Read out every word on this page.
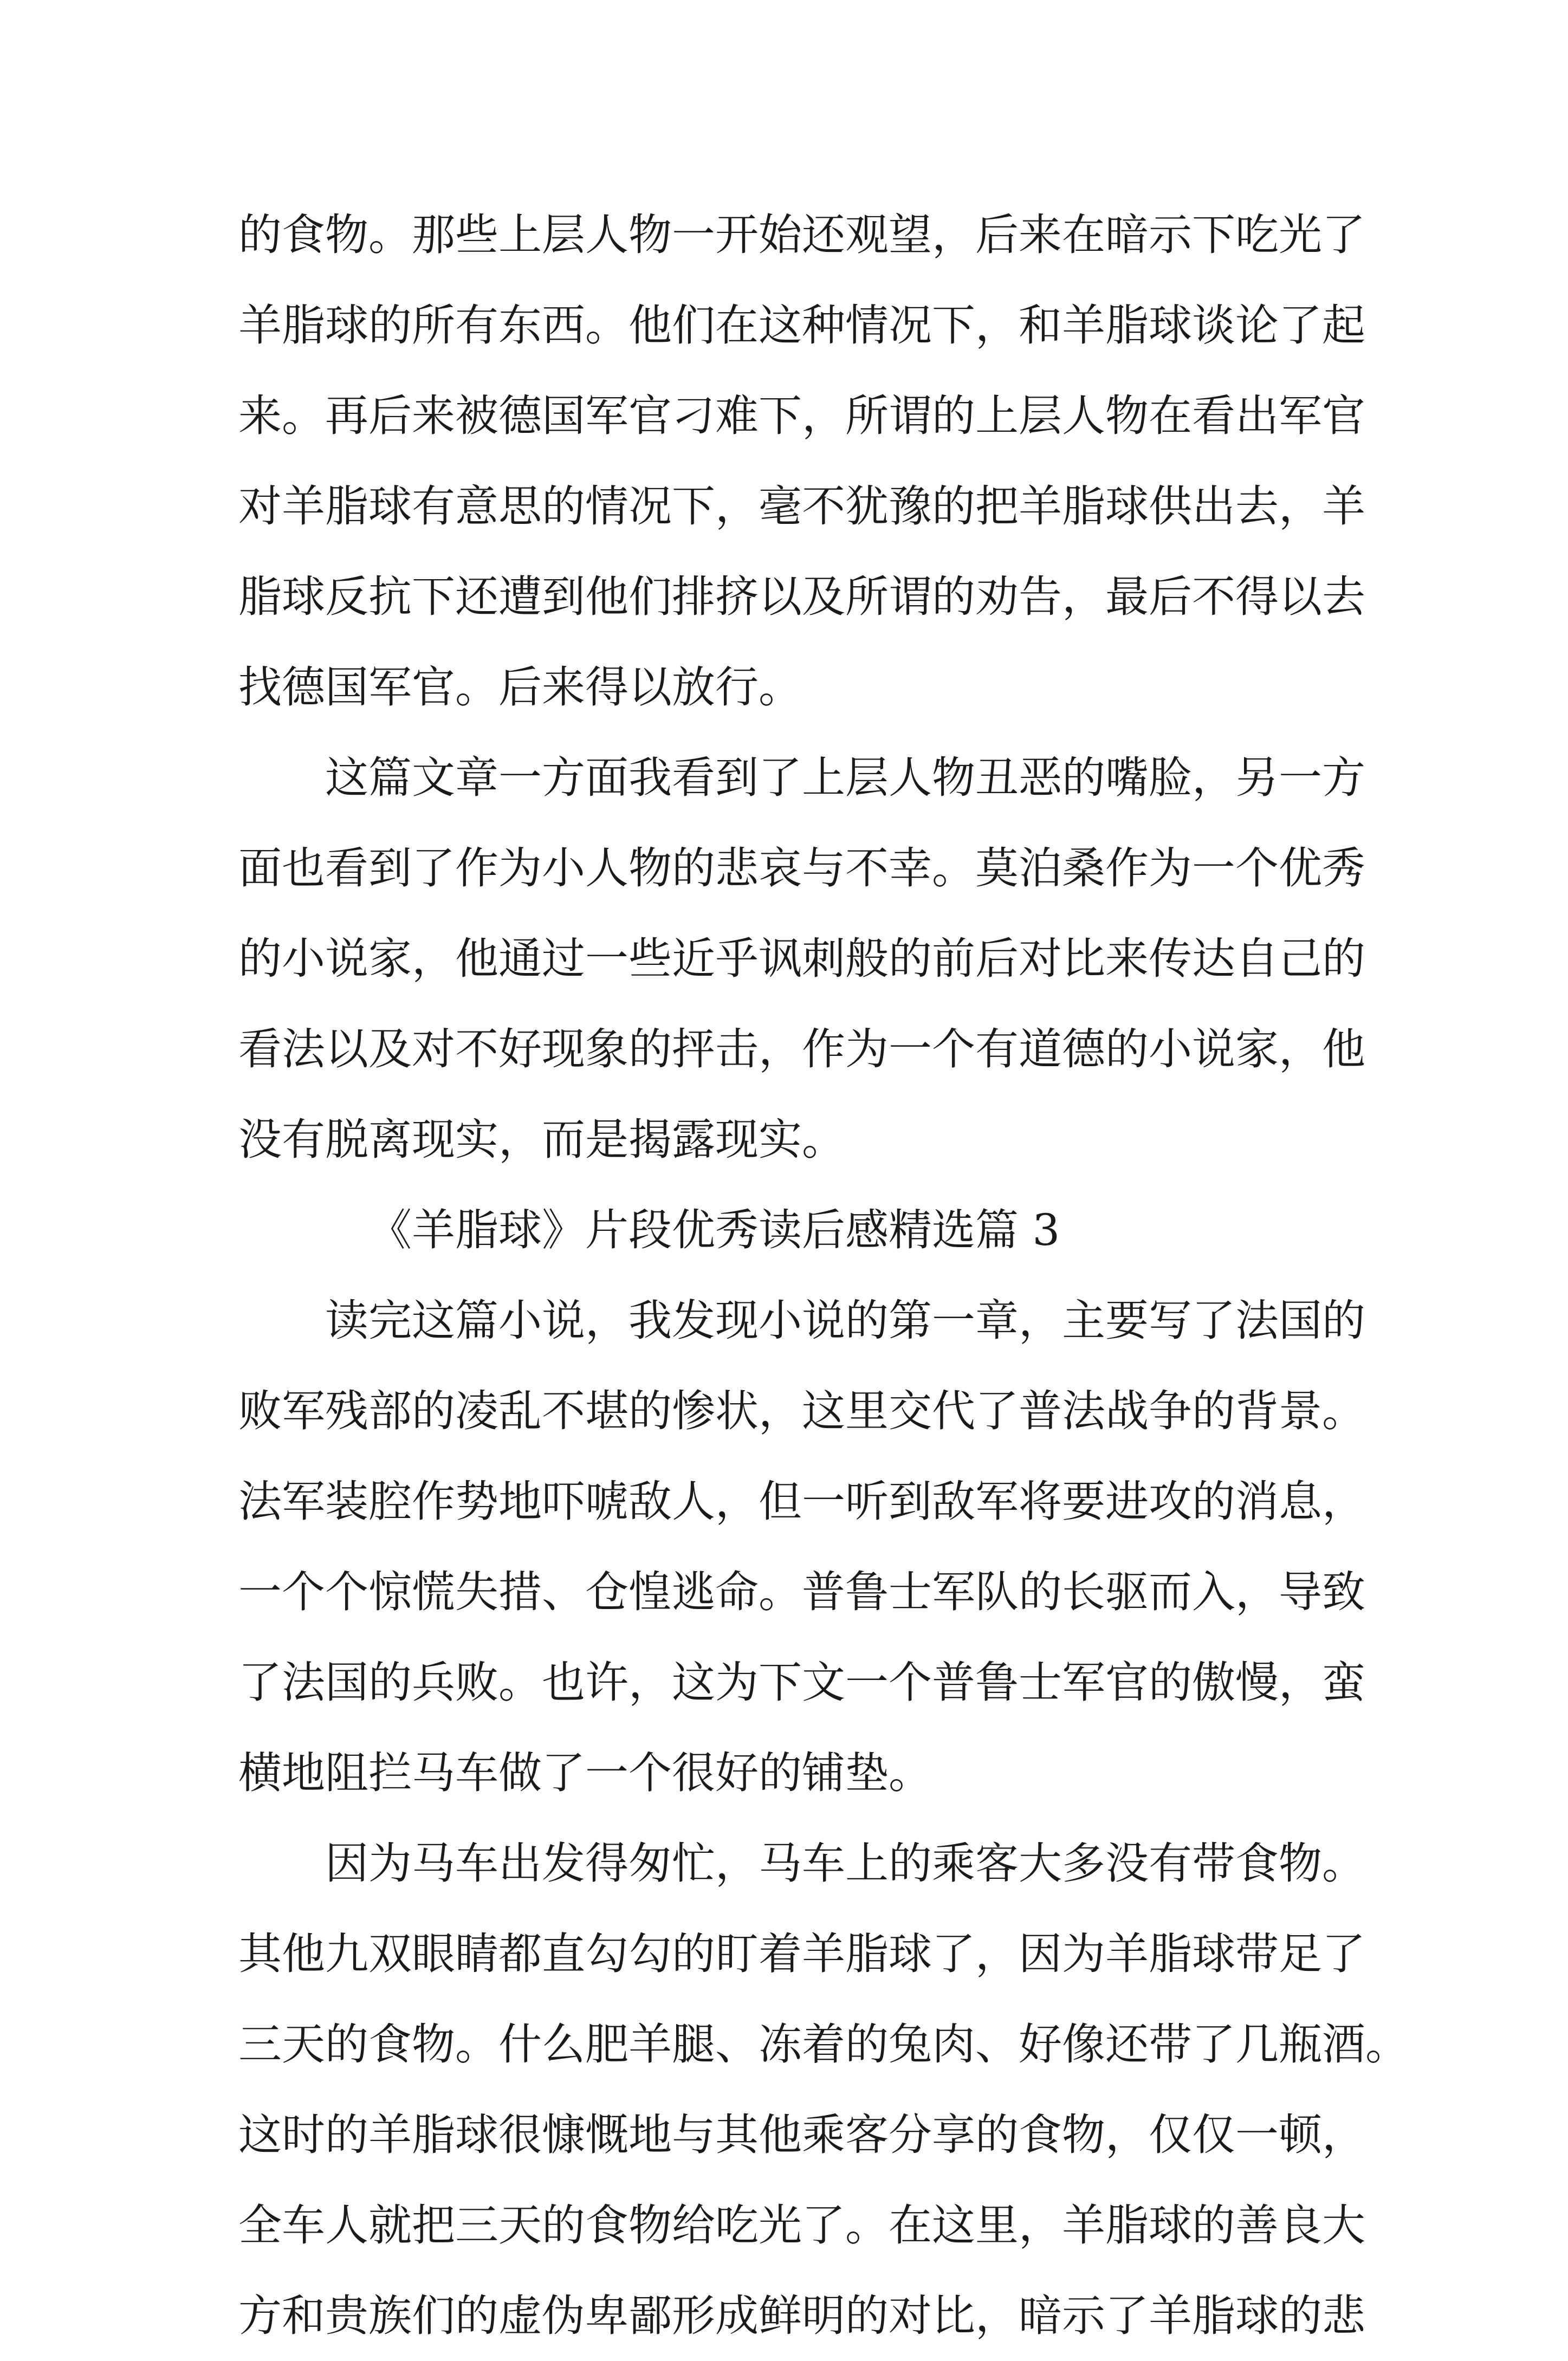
的食物。那些上层人物一开始还观望，后来在暗示下吃光了
羊脂球的所有东西。他们在这种情况下，和羊脂球谈论了起
来。再后来被德国军官刁难下，所谓的上层人物在看出军官
对羊脂球有意思的情况下，毫不犹豫的把羊脂球供出去，羊
脂球反抗下还遭到他们排挤以及所谓的劝告，最后不得以去
找德国军官。后来得以放行。
这篇文章一方面我看到了上层人物丑恶的嘴脸，另一方
面也看到了作为小人物的悲哀与不幸。莫泊桑作为一个优秀
的小说家，他通过一些近乎讽刺般的前后对比来传达自己的
看法以及对不好现象的抨击，作为一个有道德的小说家，他
没有脱离现实，而是揭露现实。
《羊脂球》片段优秀读后感精选篇 3
读完这篇小说，我发现小说的第一章，主要写了法国的
败军残部的凌乱不堪的惨状，这里交代了普法战争的背景。
法军装腔作势地吓唬敌人，但一听到敌军将要进攻的消息，
一个个惊慌失措、仓惶逃命。普鲁士军队的长驱而入，导致
了法国的兵败。也许，这为下文一个普鲁士军官的傲慢，蛮
横地阻拦马车做了一个很好的铺垫。
因为马车出发得匆忙，马车上的乘客大多没有带食物。
其他九双眼睛都直勾勾的盯着羊脂球了，因为羊脂球带足了
三天的食物。什么肥羊腿、冻着的兔肉、好像还带了几瓶酒。
这时的羊脂球很慷慨地与其他乘客分享的食物，仅仅一顿，
全车人就把三天的食物给吃光了。在这里，羊脂球的善良大
方和贵族们的虚伪卑鄙形成鲜明的对比，暗示了羊脂球的悲
